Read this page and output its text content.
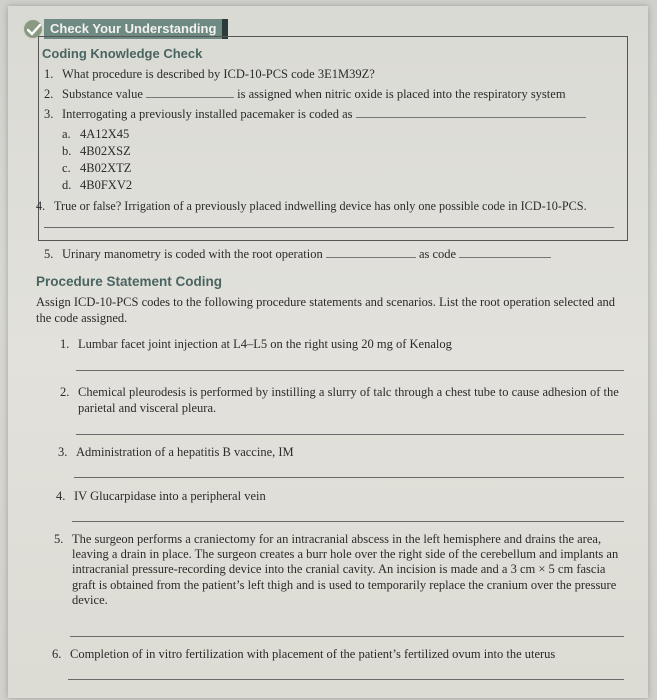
Check Your Understanding
Coding Knowledge Check
1. What procedure is described by ICD-10-PCS code 3E1M39Z?
2. Substance value	is assigned when nitric oxide is placed into the respiratory system
3. Interrogating a previously installed pacemaker is coded as
a. 4A12X45
b. 4B02XSZ
c. 4B02XTZ
d. 4B0FXV2
4. True or false? Irrigation of a previously placed indwelling device has only one possible code in ICD-10-PCS.
5. Urinary manometry is coded with the root operation	as code
Procedure Statement Coding
Assign ICD-10-PCS codes to the following procedure statements and scenarios. List the root operation selected and the code assigned.
1. Lumbar facet joint injection at L4–L5 on the right using 20 mg of Kenalog
2. Chemical pleurodesis is performed by instilling a slurry of talc through a chest tube to cause adhesion of the parietal and visceral pleura.
3. Administration of a hepatitis B vaccine, IM
4. IV Glucarpidase into a peripheral vein
5. The surgeon performs a craniectomy for an intracranial abscess in the left hemisphere and drains the area, leaving a drain in place. The surgeon creates a burr hole over the right side of the cerebellum and implants an intracranial pressure-recording device into the cranial cavity. An incision is made and a 3 cm × 5 cm fascia graft is obtained from the patient’s left thigh and is used to temporarily replace the cranium over the pressure device.
6. Completion of in vitro fertilization with placement of the patient’s fertilized ovum into the uterus
